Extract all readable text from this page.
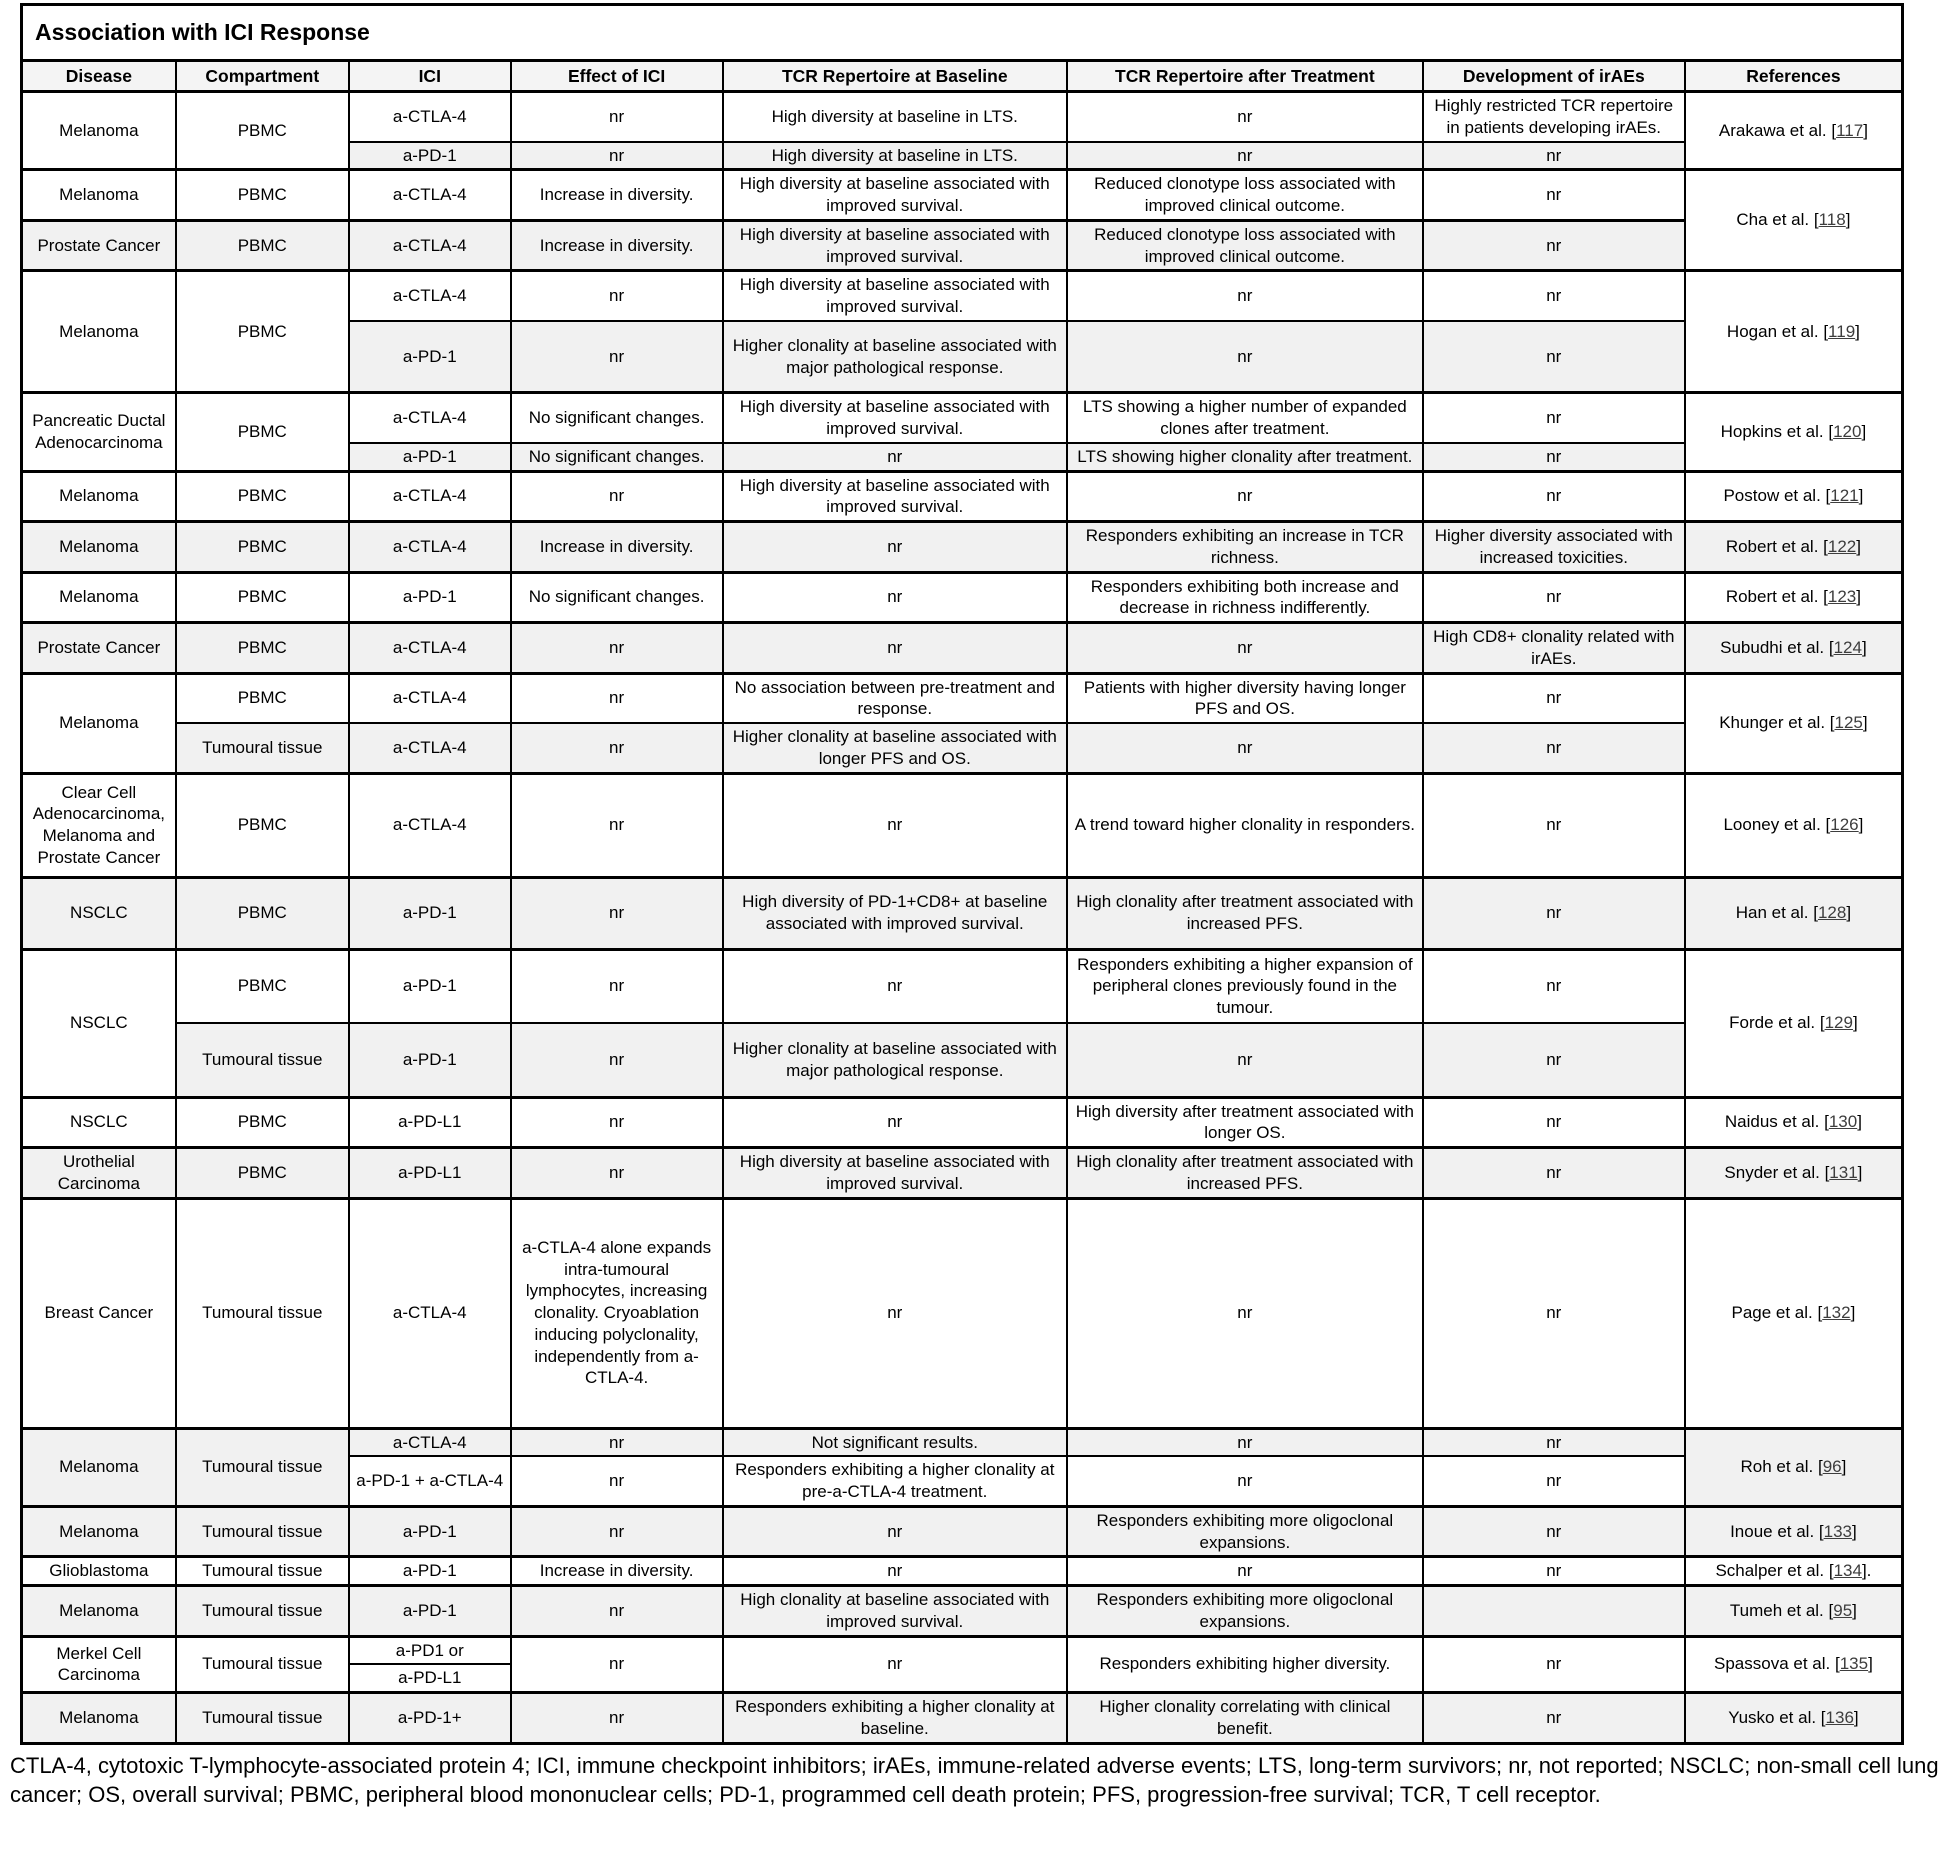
Association with ICI Response
Disease	Compartment	ICI	Effect of ICI	TCR Repertoire at Baseline	TCR Repertoire after Treatment	Development of irAEs	References
Melanoma	PBMC	a-CTLA-4	nr	High diversity at baseline in LTS.	nr	Highly restricted TCR repertoire in patients developing irAEs.	Arakawa et al. [117]
		a-PD-1	nr	High diversity at baseline in LTS.	nr	nr	
Melanoma	PBMC	a-CTLA-4	Increase in diversity.	High diversity at baseline associated with improved survival.	Reduced clonotype loss associated with improved clinical outcome.	nr	Cha et al. [118]
Prostate Cancer	PBMC	a-CTLA-4	Increase in diversity.	High diversity at baseline associated with improved survival.	Reduced clonotype loss associated with improved clinical outcome.	nr	
Melanoma	PBMC	a-CTLA-4	nr	High diversity at baseline associated with improved survival.	nr	nr	Hogan et al. [119]
		a-PD-1	nr	Higher clonality at baseline associated with major pathological response.	nr	nr	
Pancreatic Ductal Adenocarcinoma	PBMC	a-CTLA-4	No significant changes.	High diversity at baseline associated with improved survival.	LTS showing a higher number of expanded clones after treatment.	nr	Hopkins et al. [120]
		a-PD-1	No significant changes.	nr	LTS showing higher clonality after treatment.	nr	
Melanoma	PBMC	a-CTLA-4	nr	High diversity at baseline associated with improved survival.	nr	nr	Postow et al. [121]
Melanoma	PBMC	a-CTLA-4	Increase in diversity.	nr	Responders exhibiting an increase in TCR richness.	Higher diversity associated with increased toxicities.	Robert et al. [122]
Melanoma	PBMC	a-PD-1	No significant changes.	nr	Responders exhibiting both increase and decrease in richness indifferently.	nr	Robert et al. [123]
Prostate Cancer	PBMC	a-CTLA-4	nr	nr	nr	High CD8+ clonality related with irAEs.	Subudhi et al. [124]
Melanoma	PBMC	a-CTLA-4	nr	No association between pre-treatment and response.	Patients with higher diversity having longer PFS and OS.	nr	Khunger et al. [125]
	Tumoural tissue	a-CTLA-4	nr	Higher clonality at baseline associated with longer PFS and OS.	nr	nr	
Clear Cell Adenocarcinoma, Melanoma and Prostate Cancer	PBMC	a-CTLA-4	nr	nr	A trend toward higher clonality in responders.	nr	Looney et al. [126]
NSCLC	PBMC	a-PD-1	nr	High diversity of PD-1+CD8+ at baseline associated with improved survival.	High clonality after treatment associated with increased PFS.	nr	Han et al. [128]
NSCLC	PBMC	a-PD-1	nr	nr	Responders exhibiting a higher expansion of peripheral clones previously found in the tumour.	nr	Forde et al. [129]
	Tumoural tissue	a-PD-1	nr	Higher clonality at baseline associated with major pathological response.	nr	nr	
NSCLC	PBMC	a-PD-L1	nr	nr	High diversity after treatment associated with longer OS.	nr	Naidus et al. [130]
Urothelial Carcinoma	PBMC	a-PD-L1	nr	High diversity at baseline associated with improved survival.	High clonality after treatment associated with increased PFS.	nr	Snyder et al. [131]
Breast Cancer	Tumoural tissue	a-CTLA-4	a-CTLA-4 alone expands intra-tumoural lymphocytes, increasing clonality. Cryoablation inducing polyclonality, independently from a-CTLA-4.	nr	nr	nr	Page et al. [132]
Melanoma	Tumoural tissue	a-CTLA-4	nr	Not significant results.	nr	nr	Roh et al. [96]
		a-PD-1 + a-CTLA-4	nr	Responders exhibiting a higher clonality at pre-a-CTLA-4 treatment.	nr	nr	
Melanoma	Tumoural tissue	a-PD-1	nr	nr	Responders exhibiting more oligoclonal expansions.	nr	Inoue et al. [133]
Glioblastoma	Tumoural tissue	a-PD-1	Increase in diversity.	nr	nr	nr	Schalper et al. [134].
Melanoma	Tumoural tissue	a-PD-1	nr	High clonality at baseline associated with improved survival.	Responders exhibiting more oligoclonal expansions.		Tumeh et al. [95]
Merkel Cell Carcinoma	Tumoural tissue	a-PD1 or	nr	nr	Responders exhibiting higher diversity.	nr	Spassova et al. [135]
		a-PD-L1					
Melanoma	Tumoural tissue	a-PD-1+	nr	Responders exhibiting a higher clonality at baseline.	Higher clonality correlating with clinical benefit.	nr	Yusko et al. [136]
CTLA-4, cytotoxic T-lymphocyte-associated protein 4; ICI, immune checkpoint inhibitors; irAEs, immune-related adverse events; LTS, long-term survivors; nr, not reported; NSCLC; non-small cell lung cancer; OS, overall survival; PBMC, peripheral blood mononuclear cells; PD-1, programmed cell death protein; PFS, progression-free survival; TCR, T cell receptor.
